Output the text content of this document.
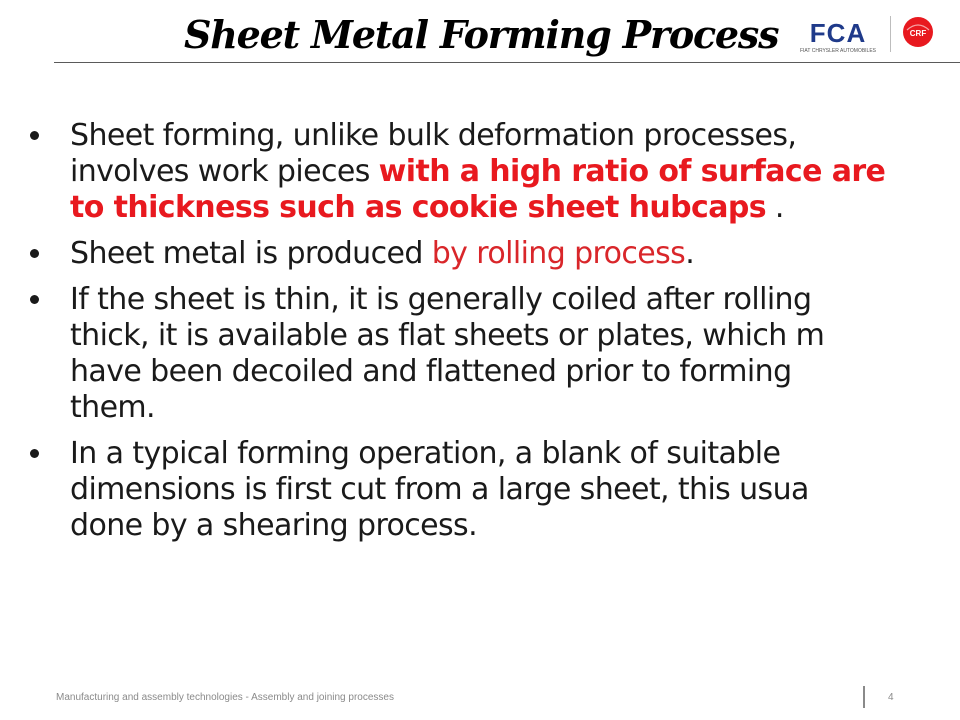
Sheet Metal Forming Process FCA
FIAT CHRYSLER AUTOMOBILES
CRF
Sheet forming, unlike bulk deformation processes,
involves work pieces with a high ratio of surface are
to thickness such as cookie sheet hubcaps .
Sheet metal is produced by rolling process.
If the sheet is thin, it is generally coiled after rolling
thick, it is available as flat sheets or plates, which m
have been decoiled and flattened prior to forming
them.
In a typical forming operation, a blank of suitable
dimensions is first cut from a large sheet, this usua
done by a shearing process.
Manufacturing and assembly technologies - Assembly and joining processes	4
